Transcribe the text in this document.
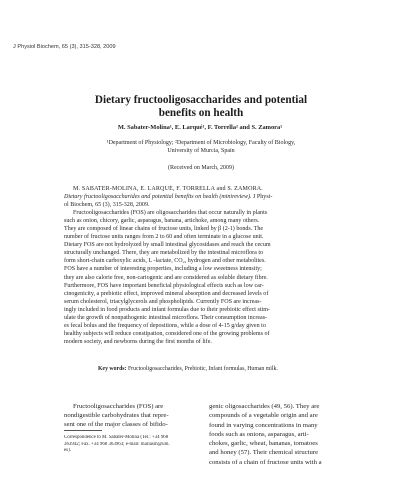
J Physiol Biochem, 65 (3), 315-328, 2009
Dietary fructooligosaccharides and potential
benefits on health
M. Sabater-Molina¹, E. Larqué¹, F. Torrella² and S. Zamora¹
¹Department of Physiology; ²Department of Microbiology, Faculty of Biology,
University of Murcia, Spain
(Received on March, 2009)
M. SABATER-MOLINA, E. LARQUÉ, F. TORRELLA and S. ZAMORA.
Dietary fructooligosaccharides and potential benefits on health (minireview). J Physi-
ol Biochem, 65 (3), 315-328, 2009.
Fructooligosaccharides (FOS) are oligosaccharides that occur naturally in plants
such as onion, chicory, garlic, asparagus, banana, artichoke, among many others.
They are composed of linear chains of fructose units, linked by β (2-1) bonds. The
number of fructose units ranges from 2 to 60 and often terminate in a glucose unit.
Dietary FOS are not hydrolyzed by small intestinal glycosidases and reach the cecum
structurally unchanged. There, they are metabolized by the intestinal microflora to
form short-chain carboxylic acids, L -lactate, CO₂, hydrogen and other metabolites.
FOS have a number of interesting properties, including a low sweetness intensity;
they are also calorie free, non-cariogenic and are considered as soluble dietary fibre.
Furthermore, FOS have important beneficial physiological effects such as low car-
cinogenicity, a prebiotic effect, improved mineral absorption and decreased levels of
serum cholesterol, triacylglycerols and phospholipids. Currently FOS are increas-
ingly included in food products and infant formulas due to their prebiotic effect stim-
ulate the growth of nonpathogenic intestinal microflora. Their consumption increas-
es fecal bolus and the frequency of depositions, while a dose of 4-15 g/day given to
healthy subjects will reduce constipation, considered one of the growing problems of
modern society, and newborns during the first months of life.
Key words: Fructooligosaccharides, Prebiotic, Infant formulas, Human milk.
Fructooligosaccharides (FOS) are
nondigestible carbohydrates that repre-
sent one of the major classes of bifido-
Correspondence to M. Sabater-Molina (Tel.: +34 968
363942; Fax. +34 968 363963; e-mail: mariasm@um.
es).
genic oligosaccharides (49, 56). They are
compounds of a vegetable origin and are
found in varying concentrations in many
foods such as onions, asparagus, arti-
chokes, garlic, wheat, bananas, tomatoes
and honey (57). Their chemical structure
consists of a chain of fructose units with a
